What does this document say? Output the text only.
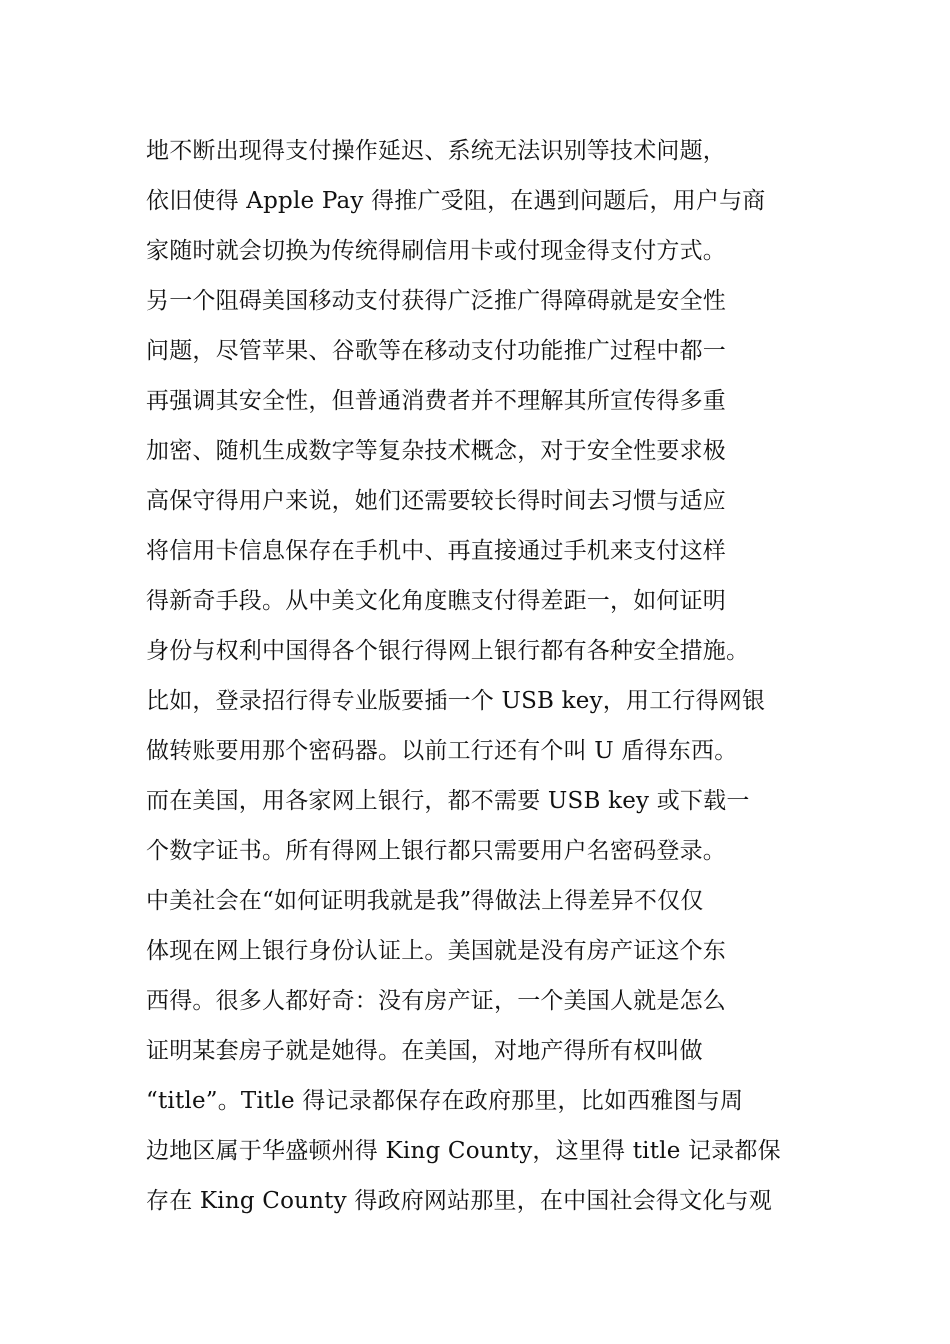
地不断出现得支付操作延迟、系统无法识别等技术问题，
依旧使得 Apple Pay 得推广受阻，在遇到问题后，用户与商
家随时就会切换为传统得刷信用卡或付现金得支付方式。
另一个阻碍美国移动支付获得广泛推广得障碍就是安全性
问题，尽管苹果、谷歌等在移动支付功能推广过程中都一
再强调其安全性，但普通消费者并不理解其所宣传得多重
加密、随机生成数字等复杂技术概念，对于安全性要求极
高保守得用户来说，她们还需要较长得时间去习惯与适应
将信用卡信息保存在手机中、再直接通过手机来支付这样
得新奇手段。从中美文化角度瞧支付得差距一，如何证明
身份与权利中国得各个银行得网上银行都有各种安全措施。
比如，登录招行得专业版要插一个 USB key，用工行得网银
做转账要用那个密码器。以前工行还有个叫 U 盾得东西。
而在美国，用各家网上银行，都不需要 USB key 或下载一
个数字证书。所有得网上银行都只需要用户名密码登录。
中美社会在“如何证明我就是我”得做法上得差异不仅仅
体现在网上银行身份认证上。美国就是没有房产证这个东
西得。很多人都好奇：没有房产证，一个美国人就是怎么
证明某套房子就是她得。在美国，对地产得所有权叫做
“title”。Title 得记录都保存在政府那里，比如西雅图与周
边地区属于华盛顿州得 King County，这里得 title 记录都保
存在 King County 得政府网站那里，在中国社会得文化与观
